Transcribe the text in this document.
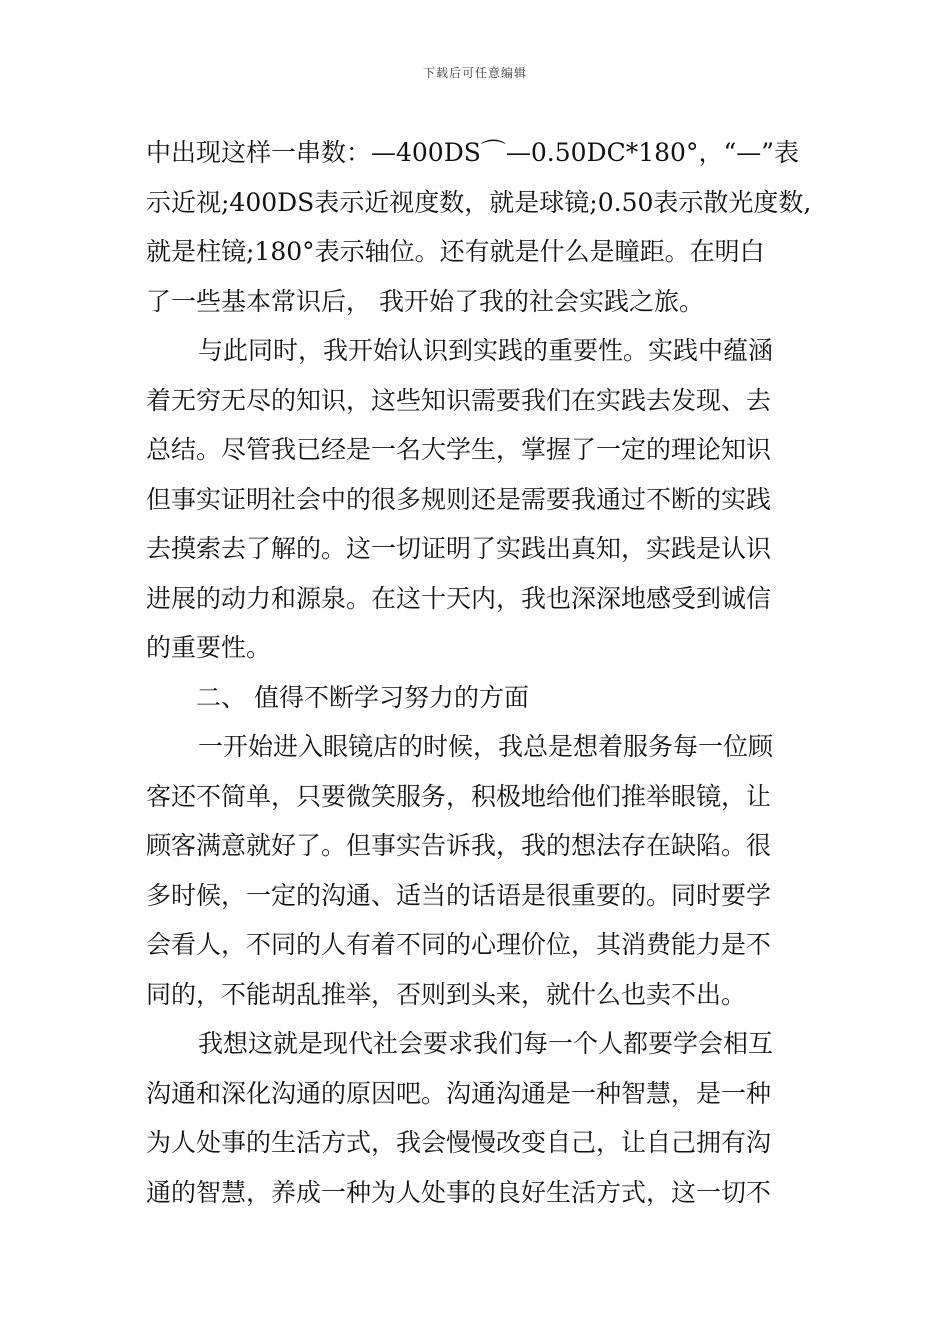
下载后可任意编辑
中出现这样一串数：—400DS⌒—0.50DC*180°，“—”表
示近视;400DS表示近视度数，就是球镜;0.50表示散光度数,
就是柱镜;180°表示轴位。还有就是什么是瞳距。在明白
了一些基本常识后， 我开始了我的社会实践之旅。
与此同时，我开始认识到实践的重要性。实践中蕴涵
着无穷无尽的知识，这些知识需要我们在实践去发现、去
总结。尽管我已经是一名大学生，掌握了一定的理论知识
但事实证明社会中的很多规则还是需要我通过不断的实践
去摸索去了解的。这一切证明了实践出真知，实践是认识
进展的动力和源泉。在这十天内，我也深深地感受到诚信
的重要性。
二、 值得不断学习努力的方面
一开始进入眼镜店的时候，我总是想着服务每一位顾
客还不简单，只要微笑服务，积极地给他们推举眼镜，让
顾客满意就好了。但事实告诉我，我的想法存在缺陷。很
多时候，一定的沟通、适当的话语是很重要的。同时要学
会看人，不同的人有着不同的心理价位，其消费能力是不
同的，不能胡乱推举，否则到头来，就什么也卖不出。
我想这就是现代社会要求我们每一个人都要学会相互
沟通和深化沟通的原因吧。沟通沟通是一种智慧，是一种
为人处事的生活方式，我会慢慢改变自己，让自己拥有沟
通的智慧，养成一种为人处事的良好生活方式，这一切不
